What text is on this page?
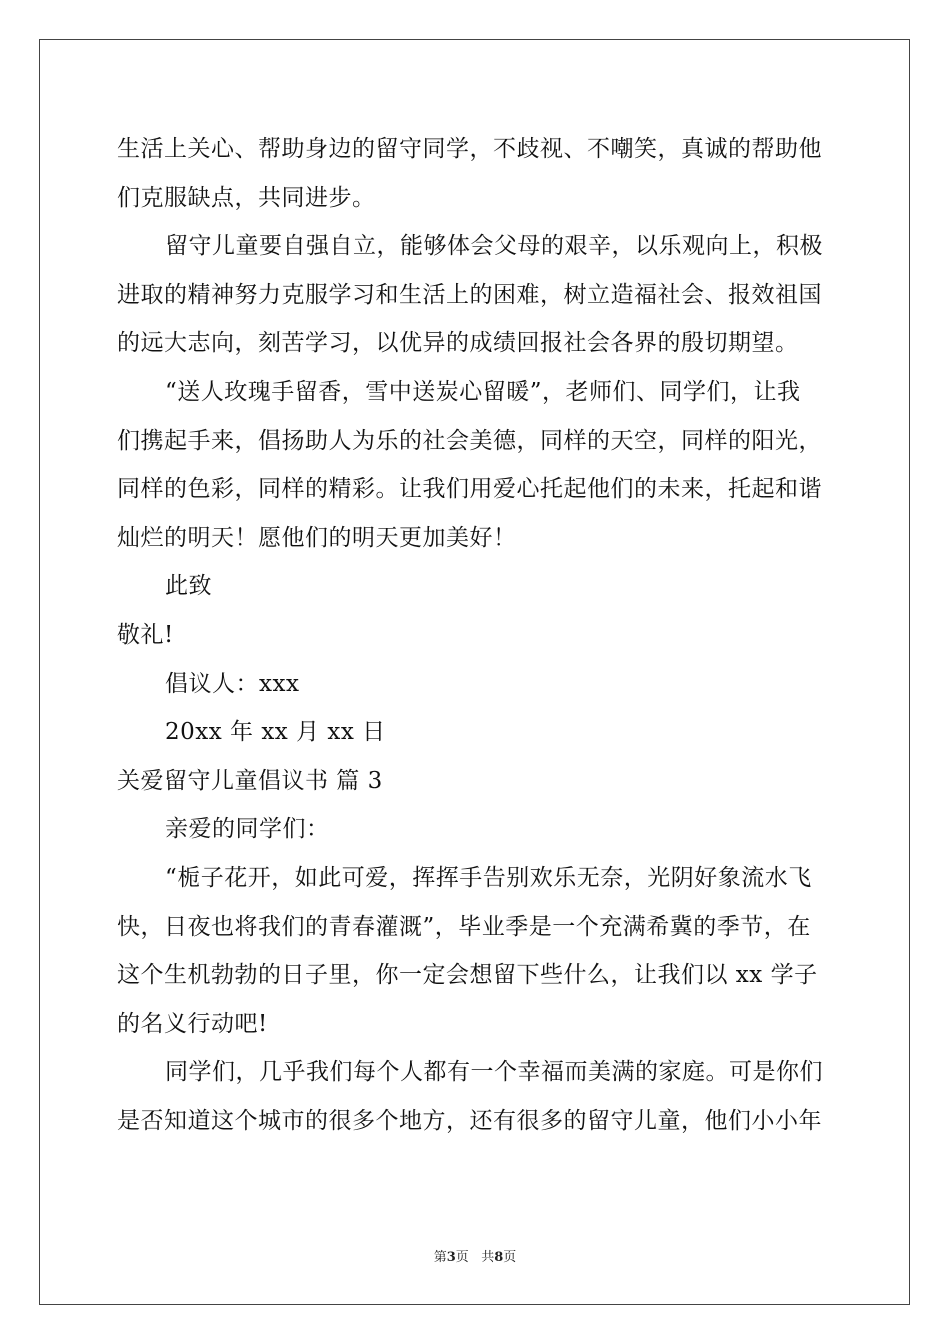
生活上关心、帮助身边的留守同学，不歧视、不嘲笑，真诚的帮助他
们克服缺点，共同进步。
留守儿童要自强自立，能够体会父母的艰辛，以乐观向上，积极
进取的精神努力克服学习和生活上的困难，树立造福社会、报效祖国
的远大志向，刻苦学习，以优异的成绩回报社会各界的殷切期望。
“送人玫瑰手留香，雪中送炭心留暖”，老师们、同学们，让我
们携起手来，倡扬助人为乐的社会美德，同样的天空，同样的阳光，
同样的色彩，同样的精彩。让我们用爱心托起他们的未来，托起和谐
灿烂的明天！愿他们的明天更加美好！
此致
敬礼!
倡议人：xxx
20xx 年 xx 月 xx 日
关爱留守儿童倡议书 篇 3
亲爱的同学们：
“栀子花开，如此可爱，挥挥手告别欢乐无奈，光阴好象流水飞
快，日夜也将我们的青春灌溉”，毕业季是一个充满希冀的季节，在
这个生机勃勃的日子里，你一定会想留下些什么，让我们以 xx 学子
的名义行动吧!
同学们，几乎我们每个人都有一个幸福而美满的家庭。可是你们
是否知道这个城市的很多个地方，还有很多的留守儿童，他们小小年
第3页   共8页
